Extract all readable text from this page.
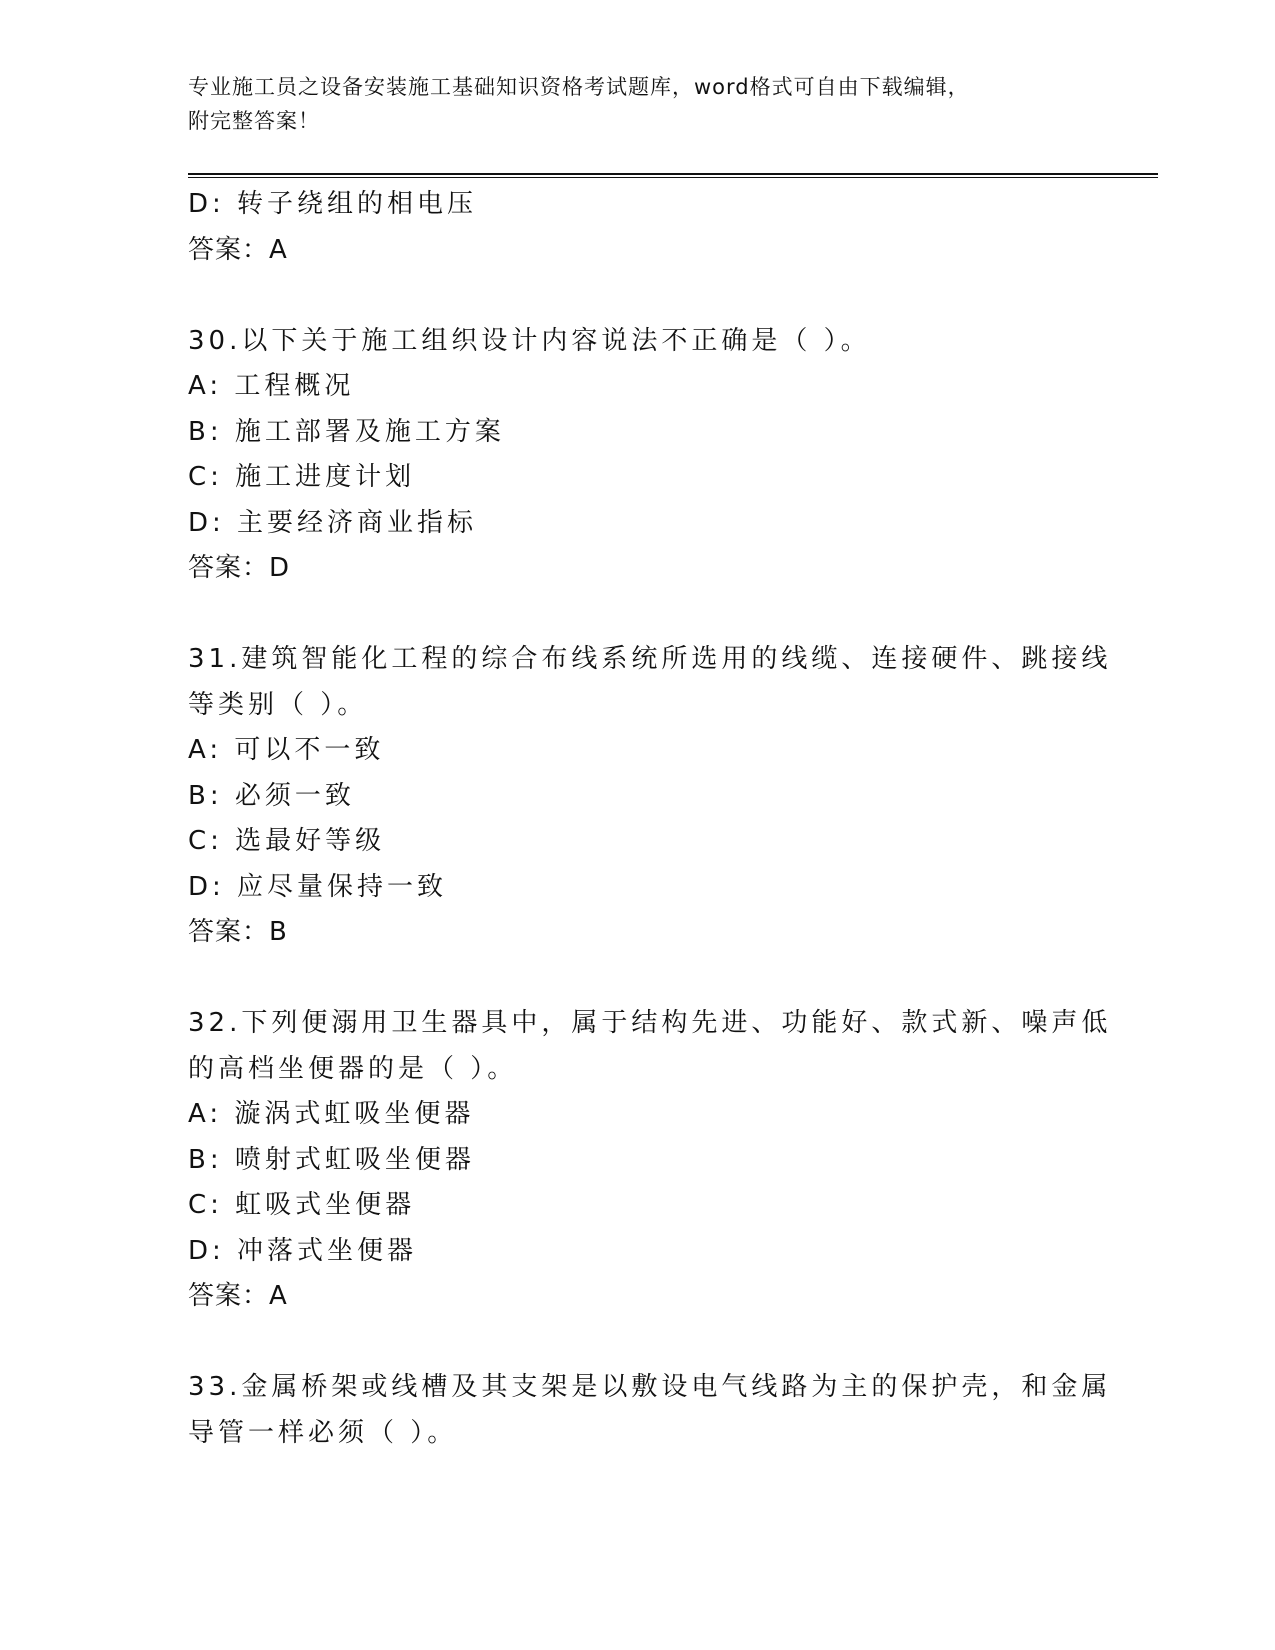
专业施工员之设备安装施工基础知识资格考试题库，word格式可自由下载编辑，
附完整答案！
D: 转子绕组的相电压
答案：A
30.以下关于施工组织设计内容说法不正确是（ ）。
A: 工程概况
B: 施工部署及施工方案
C: 施工进度计划
D: 主要经济商业指标
答案：D
31.建筑智能化工程的综合布线系统所选用的线缆、连接硬件、跳接线
等类别（ ）。
A: 可以不一致
B: 必须一致
C: 选最好等级
D: 应尽量保持一致
答案：B
32.下列便溺用卫生器具中，属于结构先进、功能好、款式新、噪声低
的高档坐便器的是（ ）。
A: 漩涡式虹吸坐便器
B: 喷射式虹吸坐便器
C: 虹吸式坐便器
D: 冲落式坐便器
答案：A
33.金属桥架或线槽及其支架是以敷设电气线路为主的保护壳，和金属
导管一样必须（ ）。
